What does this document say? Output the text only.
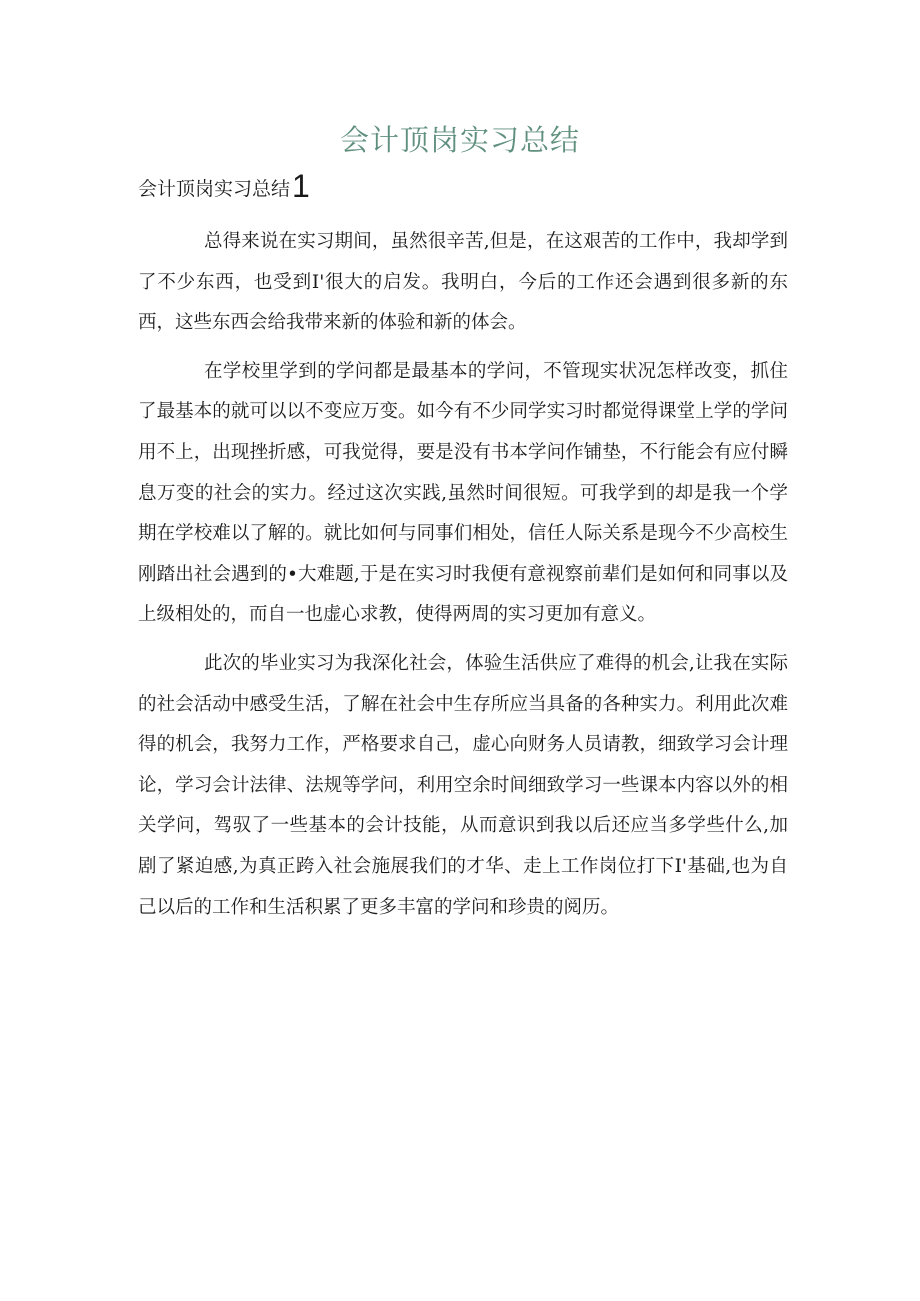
会计顶岗实习总结
会计顶岗实习总结1

总得来说在实习期间，虽然很辛苦,但是，在这艰苦的工作中，我却学到了不少东西，也受到I'很大的启发。我明白，今后的工作还会遇到很多新的东西，这些东西会给我带来新的体验和新的体会。

在学校里学到的学问都是最基本的学问，不管现实状况怎样改变，抓住了最基本的就可以以不变应万变。如今有不少同学实习时都觉得课堂上学的学问用不上，出现挫折感，可我觉得，要是没有书本学问作铺垫，不行能会有应付瞬息万变的社会的实力。经过这次实践,虽然时间很短。可我学到的却是我一个学期在学校难以了解的。就比如何与同事们相处，信任人际关系是现今不少高校生刚踏出社会遇到的•大难题,于是在实习时我便有意视察前辈们是如何和同事以及上级相处的，而自一也虚心求教，使得两周的实习更加有意义。

此次的毕业实习为我深化社会，体验生活供应了难得的机会,让我在实际的社会活动中感受生活，了解在社会中生存所应当具备的各种实力。利用此次难得的机会，我努力工作，严格要求自己，虚心向财务人员请教，细致学习会计理论，学习会计法律、法规等学问，利用空余时间细致学习一些课本内容以外的相关学问，驾驭了一些基本的会计技能，从而意识到我以后还应当多学些什么,加剧了紧迫感,为真正跨入社会施展我们的才华、走上工作岗位打下I'基础,也为自己以后的工作和生活积累了更多丰富的学问和珍贵的阅历。
